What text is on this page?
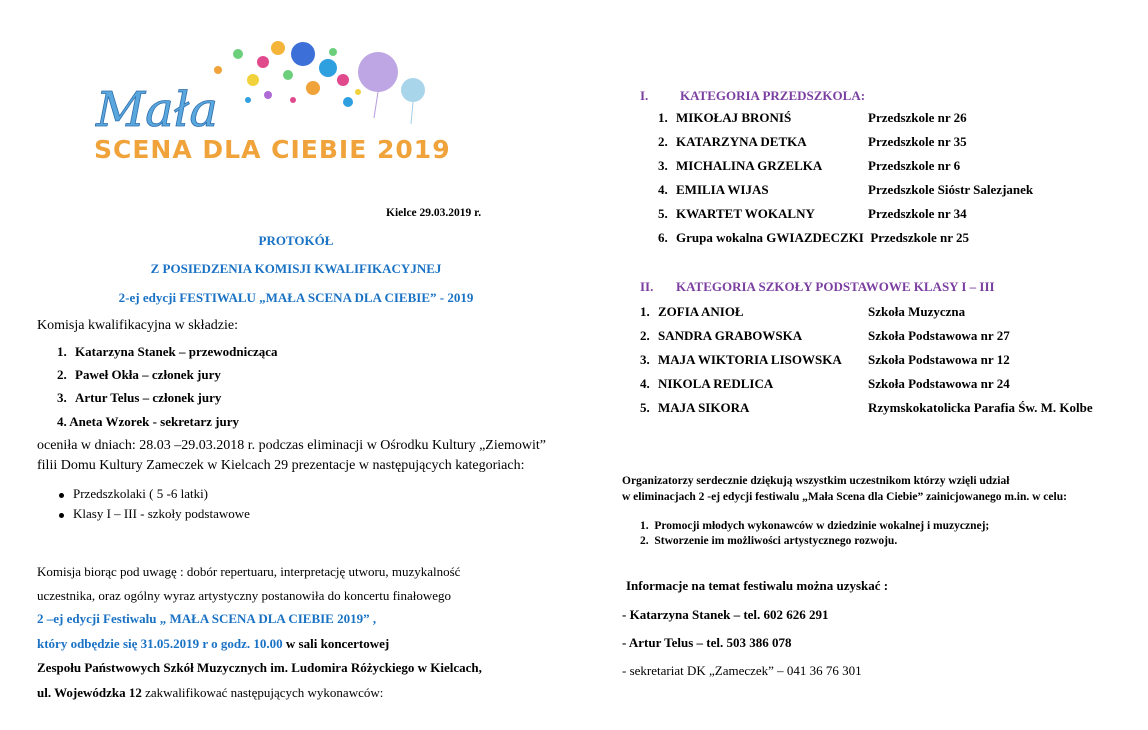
Mała
SCENA DLA CIEBIE 2019
Kielce 29.03.2019 r.
PROTOKÓŁ
Z POSIEDZENIA KOMISJI KWALIFIKACYJNEJ
2-ej edycji FESTIWALU „MAŁA SCENA DLA CIEBIE” - 2019
Komisja kwalifikacyjna w składzie:
1. Katarzyna Stanek – przewodnicząca
2. Paweł Okła – członek jury
3. Artur Telus – członek jury
4. Aneta Wzorek - sekretarz jury
oceniła w dniach: 28.03 –29.03.2018 r. podczas eliminacji w Ośrodku Kultury „Ziemowit”
filii Domu Kultury Zameczek w Kielcach 29 prezentacje w następujących kategoriach:
Przedszkolaki ( 5 -6 latki)
Klasy I – III - szkoły podstawowe
Komisja biorąc pod uwagę : dobór repertuaru, interpretację utworu, muzykalność
uczestnika, oraz ogólny wyraz artystyczny postanowiła do koncertu finałowego
2 –ej edycji Festiwalu „ MAŁA SCENA DLA CIEBIE 2019” ,
który odbędzie się 31.05.2019 r o godz. 10.00 w sali koncertowej
Zespołu Państwowych Szkół Muzycznych im. Ludomira Różyckiego w Kielcach,
ul. Wojewódzka 12 zakwalifikować następujących wykonawców:
I. KATEGORIA PRZEDSZKOLA:
1. MIKOŁAJ BRONIŚ	Przedszkole nr 26
2. KATARZYNA DETKA	Przedszkole nr 35
3. MICHALINA GRZELKA	Przedszkole nr 6
4. EMILIA WIJAS	Przedszkole Sióstr Salezjanek
5. KWARTET WOKALNY	Przedszkole nr 34
6. Grupa wokalna GWIAZDECZKI Przedszkole nr 25
II. KATEGORIA SZKOŁY PODSTAWOWE KLASY I – III
1. ZOFIA ANIOŁ	Szkoła Muzyczna
2. SANDRA GRABOWSKA	Szkoła Podstawowa nr 27
3. MAJA WIKTORIA LISOWSKA Szkoła Podstawowa nr 12
4. NIKOLA REDLICA	Szkoła Podstawowa nr 24
5. MAJA SIKORA	Rzymskokatolicka Parafia Św. M. Kolbe
Organizatorzy serdecznie dziękują wszystkim uczestnikom którzy wzięli udział
w eliminacjach 2 -ej edycji festiwalu „Mała Scena dla Ciebie” zainicjowanego m.in. w celu:
1. Promocji młodych wykonawców w dziedzinie wokalnej i muzycznej;
2. Stworzenie im możliwości artystycznego rozwoju.
Informacje na temat festiwalu można uzyskać :
- Katarzyna Stanek – tel. 602 626 291
- Artur Telus – tel. 503 386 078
- sekretariat DK „Zameczek” – 041 36 76 301
